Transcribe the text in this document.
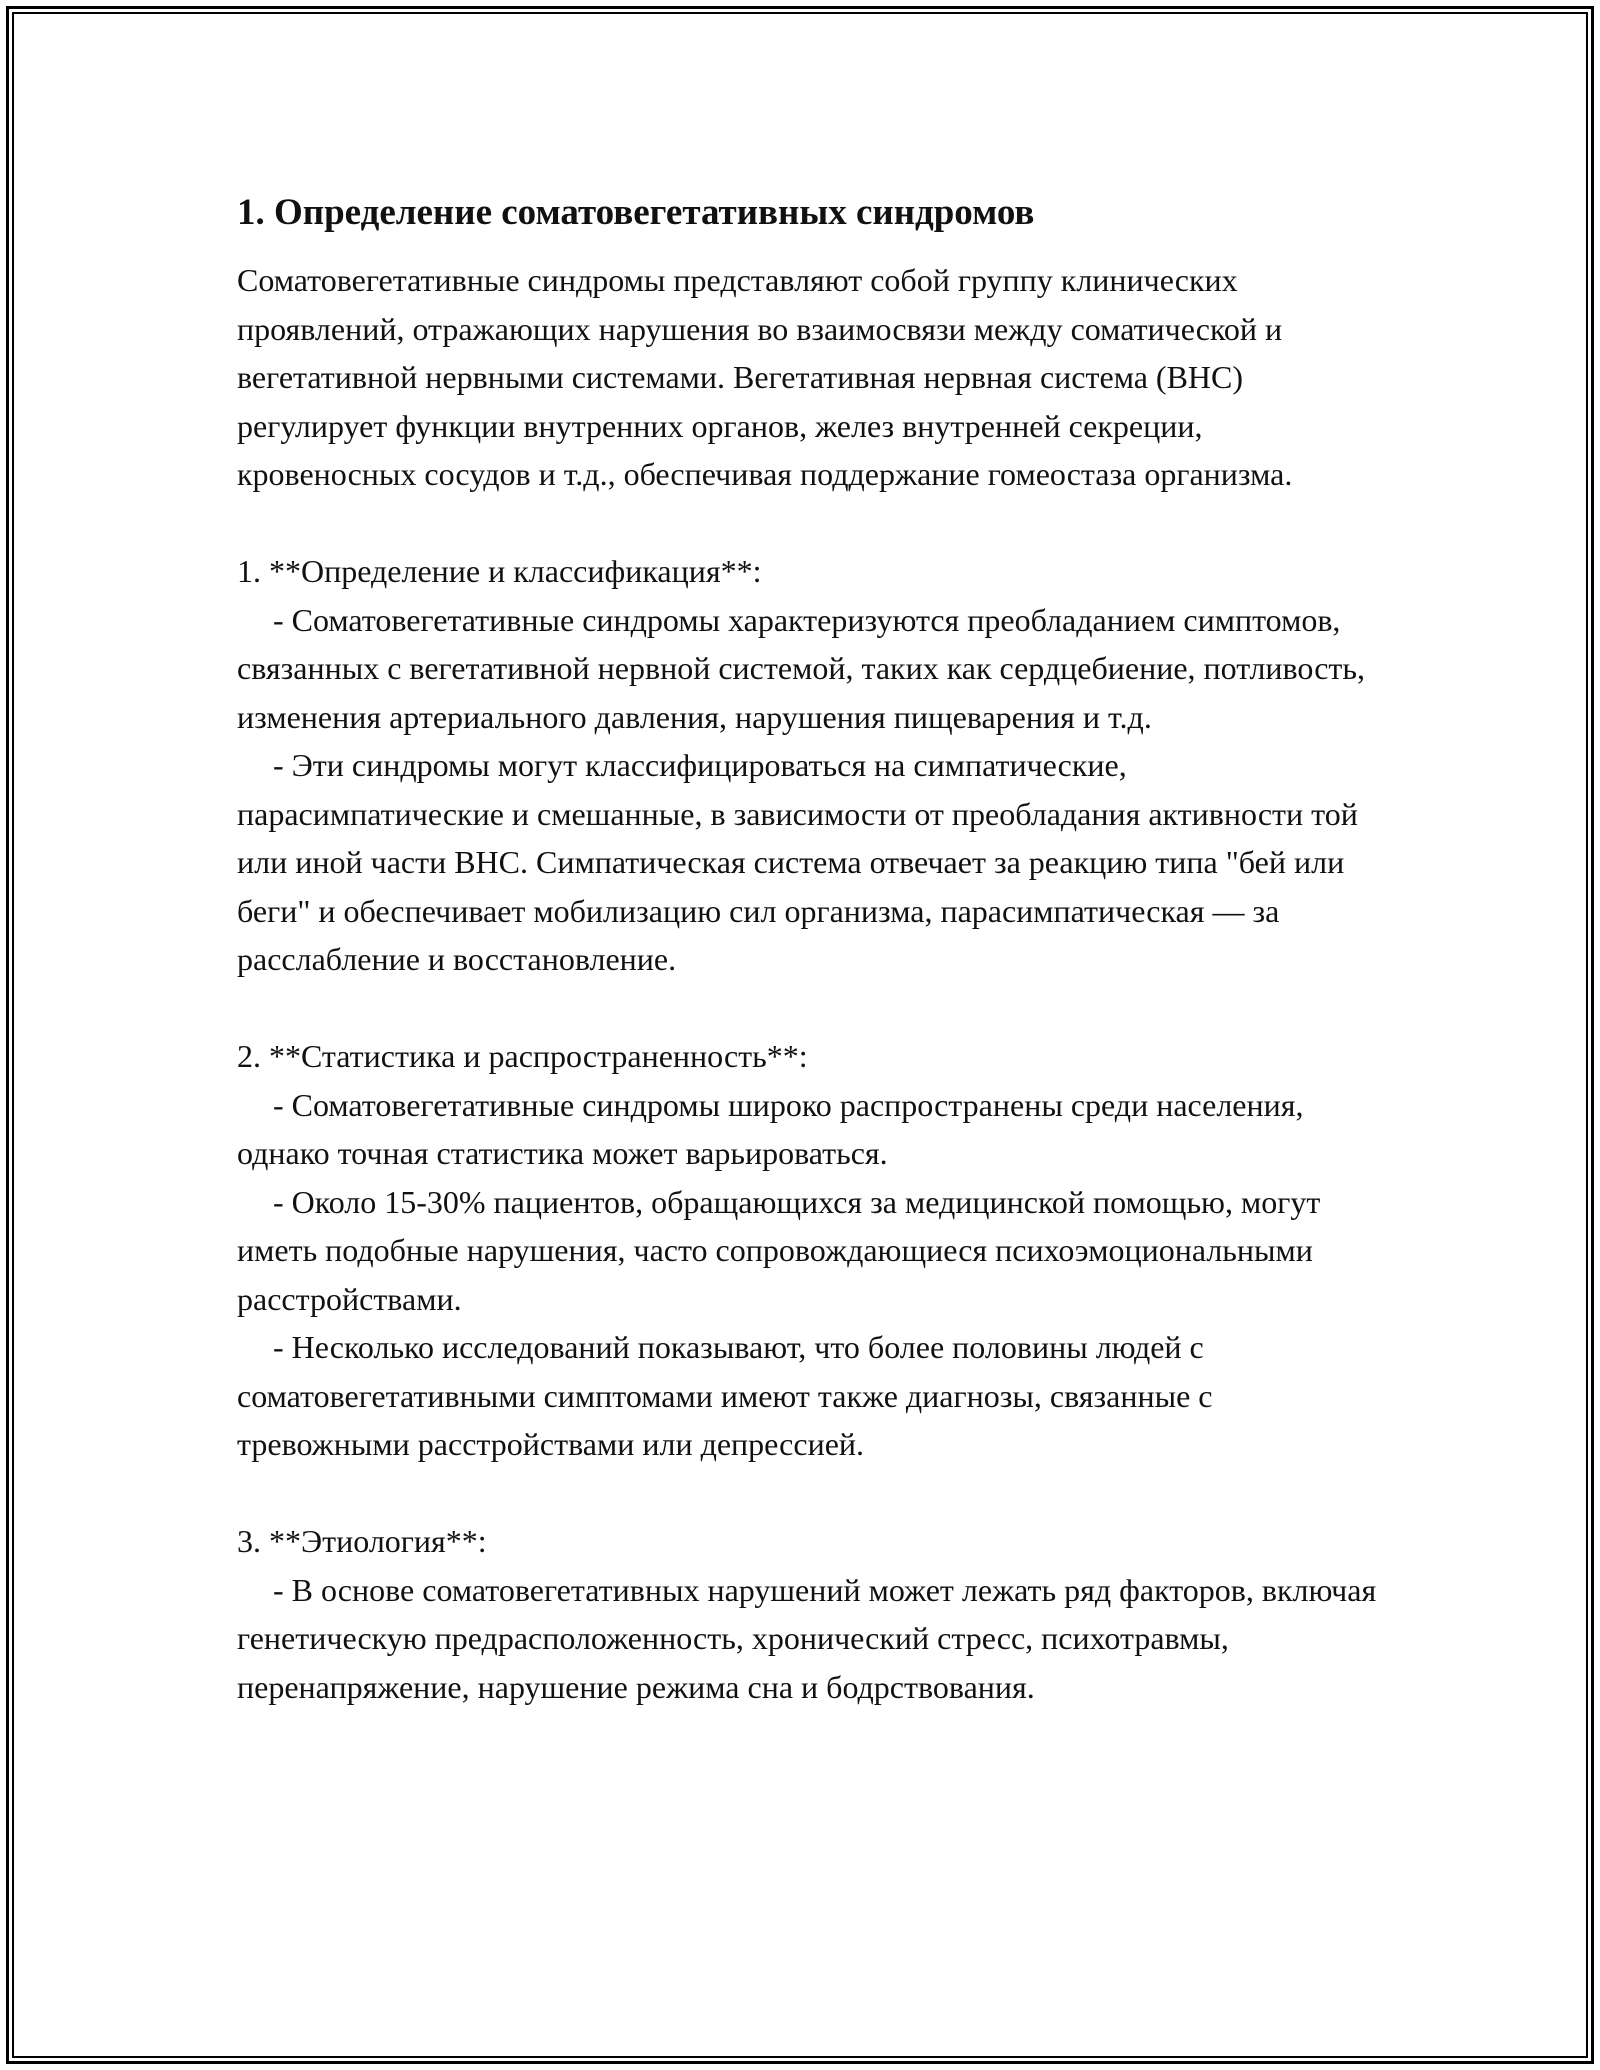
1. Определение соматовегетативных синдромов

Соматовегетативные синдромы представляют собой группу клинических проявлений, отражающих нарушения во взаимосвязи между соматической и вегетативной нервными системами. Вегетативная нервная система (ВНС) регулирует функции внутренних органов, желез внутренней секреции, кровеносных сосудов и т.д., обеспечивая поддержание гомеостаза организма.

1. **Определение и классификация**:

- Соматовегетативные синдромы характеризуются преобладанием симптомов, связанных с вегетативной нервной системой, таких как сердцебиение, потливость, изменения артериального давления, нарушения пищеварения и т.д.

- Эти синдромы могут классифицироваться на симпатические, парасимпатические и смешанные, в зависимости от преобладания активности той или иной части ВНС. Симпатическая система отвечает за реакцию типа "бей или беги" и обеспечивает мобилизацию сил организма, парасимпатическая — за расслабление и восстановление.

2. **Статистика и распространенность**:

- Соматовегетативные синдромы широко распространены среди населения, однако точная статистика может варьироваться.

- Около 15-30% пациентов, обращающихся за медицинской помощью, могут иметь подобные нарушения, часто сопровождающиеся психоэмоциональными расстройствами.

- Несколько исследований показывают, что более половины людей с соматовегетативными симптомами имеют также диагнозы, связанные с тревожными расстройствами или депрессией.

3. **Этиология**:

- В основе соматовегетативных нарушений может лежать ряд факторов, включая генетическую предрасположенность, хронический стресс, психотравмы, перенапряжение, нарушение режима сна и бодрствования.
